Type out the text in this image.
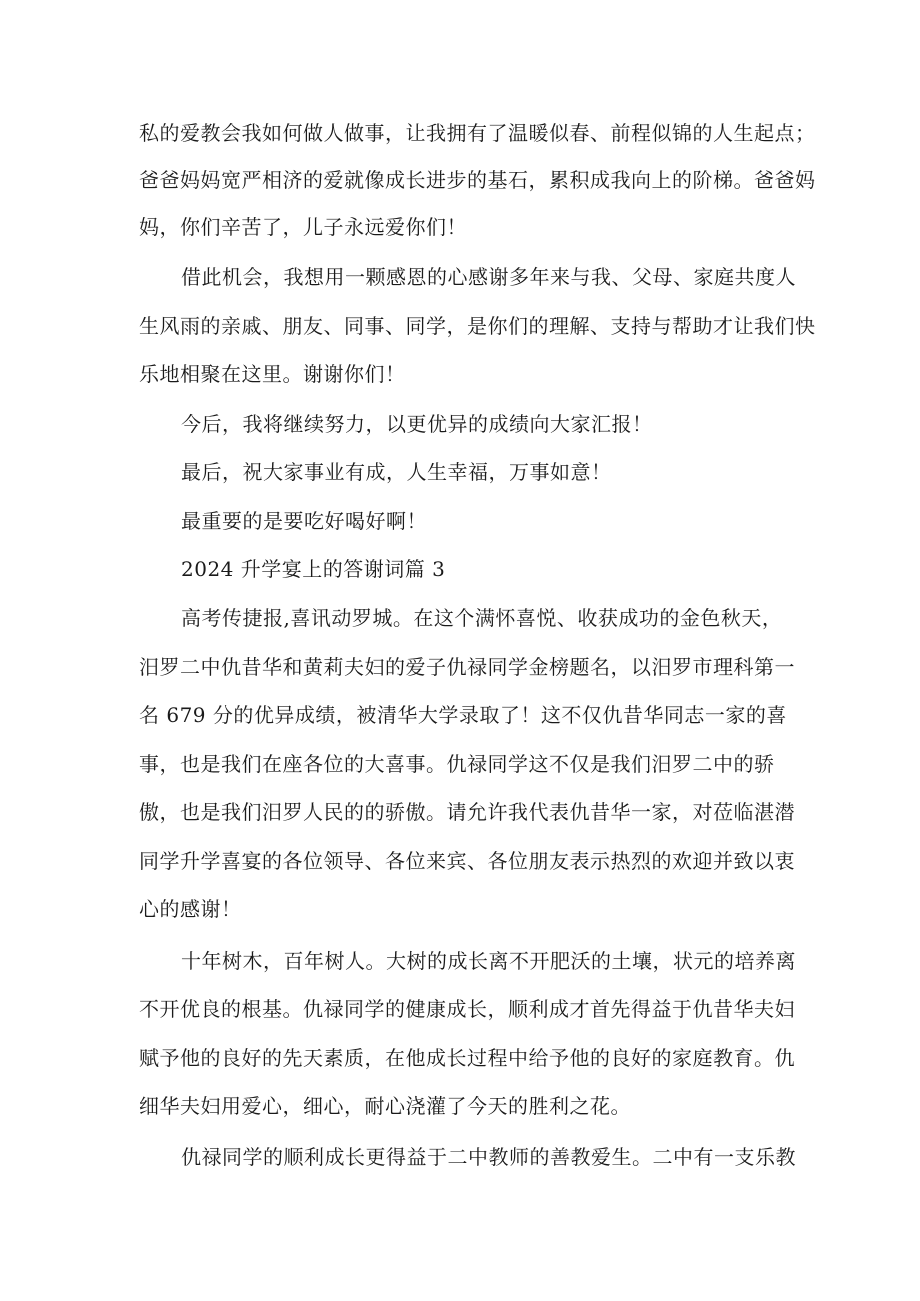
私的爱教会我如何做人做事，让我拥有了温暖似春、前程似锦的人生起点；
爸爸妈妈宽严相济的爱就像成长进步的基石，累积成我向上的阶梯。爸爸妈
妈，你们辛苦了，儿子永远爱你们！
借此机会，我想用一颗感恩的心感谢多年来与我、父母、家庭共度人
生风雨的亲戚、朋友、同事、同学，是你们的理解、支持与帮助才让我们快
乐地相聚在这里。谢谢你们！
今后，我将继续努力，以更优异的成绩向大家汇报！
最后，祝大家事业有成，人生幸福，万事如意！
最重要的是要吃好喝好啊！
2024 升学宴上的答谢词篇 3
高考传捷报,喜讯动罗城。在这个满怀喜悦、收获成功的金色秋天，
汨罗二中仇昔华和黄莉夫妇的爱子仇禄同学金榜题名，以汨罗市理科第一
名 679 分的优异成绩，被清华大学录取了！这不仅仇昔华同志一家的喜
事，也是我们在座各位的大喜事。仇禄同学这不仅是我们汨罗二中的骄
傲，也是我们汨罗人民的的骄傲。请允许我代表仇昔华一家，对莅临湛潜
同学升学喜宴的各位领导、各位来宾、各位朋友表示热烈的欢迎并致以衷
心的感谢！
十年树木，百年树人。大树的成长离不开肥沃的土壤，状元的培养离
不开优良的根基。仇禄同学的健康成长，顺利成才首先得益于仇昔华夫妇
赋予他的良好的先天素质，在他成长过程中给予他的良好的家庭教育。仇
细华夫妇用爱心，细心，耐心浇灌了今天的胜利之花。
仇禄同学的顺利成长更得益于二中教师的善教爱生。二中有一支乐教
